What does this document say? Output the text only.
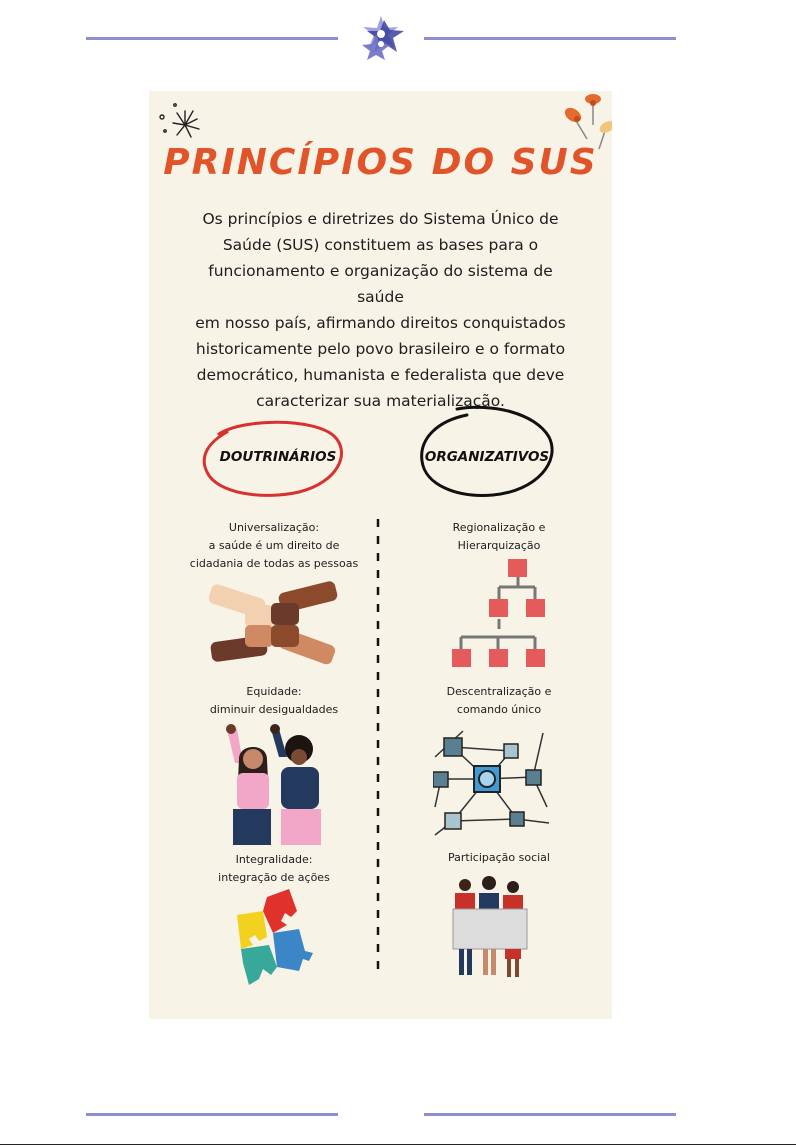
PRINCÍPIOS DO SUS
Os princípios e diretrizes do Sistema Único de
Saúde (SUS) constituem as bases para o
funcionamento e organização do sistema de saúde
em nosso país, afirmando direitos conquistados
historicamente pelo povo brasileiro e o formato
democrático, humanista e federalista que deve
caracterizar sua materialização.
DOUTRINÁRIOS	ORGANIZATIVOS
Universalização:
a saúde é um direito de
cidadania de todas as pessoas
Regionalização e
Hierarquização
Equidade:
diminuir desigualdades
Descentralização e
comando único
Integralidade:
integração de ações
Participação social
